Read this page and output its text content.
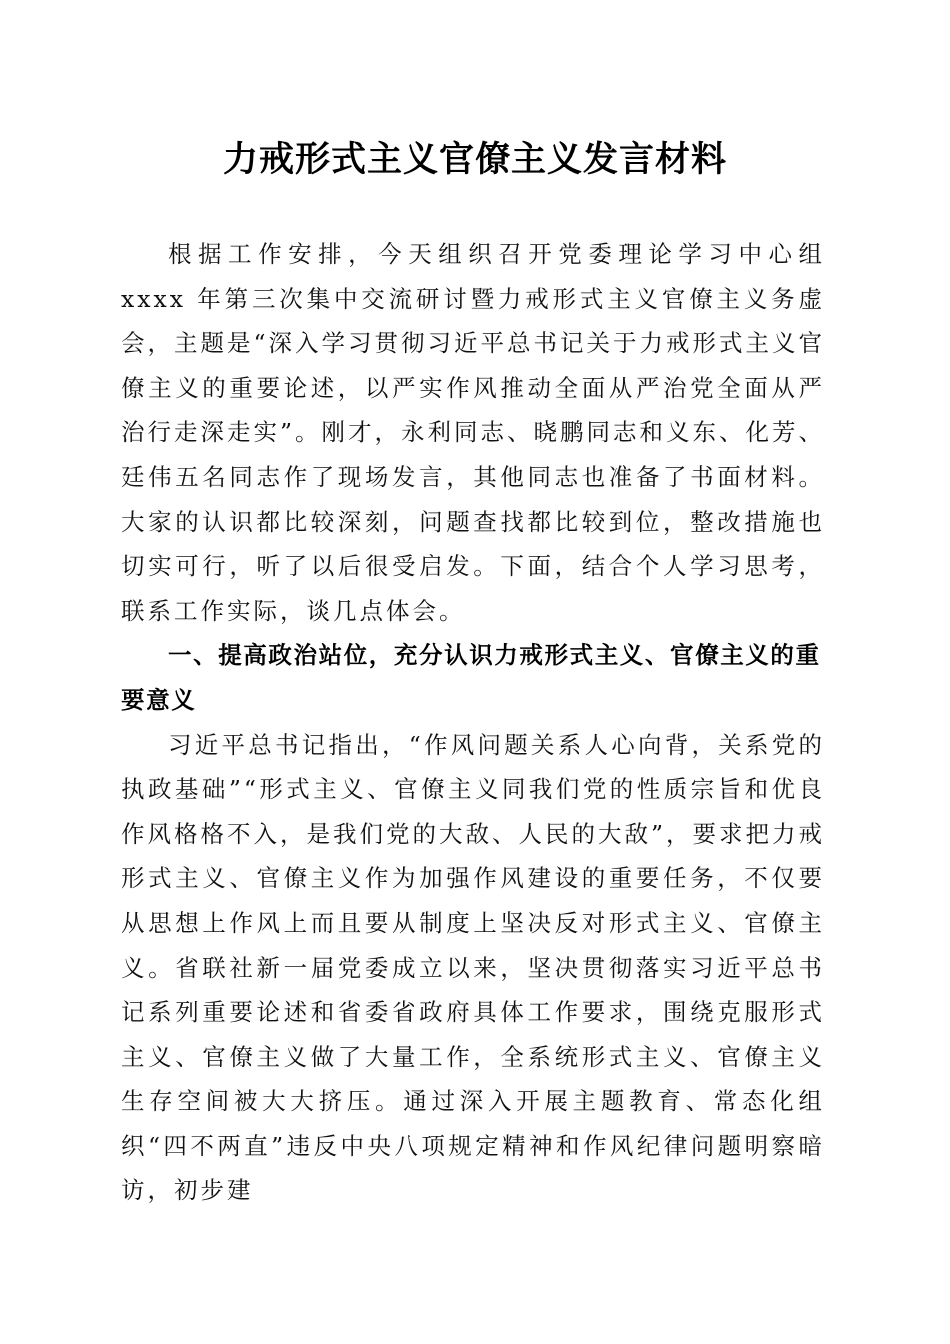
力戒形式主义官僚主义发言材料

根据工作安排，今天组织召开党委理论学习中心组 xxxx 年第三次集中交流研讨暨力戒形式主义官僚主义务虚会，主题是“深入学习贯彻习近平总书记关于力戒形式主义官僚主义的重要论述，以严实作风推动全面从严治党全面从严治行走深走实”。刚才，永利同志、晓鹏同志和义东、化芳、廷伟五名同志作了现场发言，其他同志也准备了书面材料。大家的认识都比较深刻，问题查找都比较到位，整改措施也切实可行，听了以后很受启发。下面，结合个人学习思考，联系工作实际，谈几点体会。

一、提高政治站位，充分认识力戒形式主义、官僚主义的重要意义

习近平总书记指出，“作风问题关系人心向背，关系党的执政基础”“形式主义、官僚主义同我们党的性质宗旨和优良作风格格不入，是我们党的大敌、人民的大敌”，要求把力戒形式主义、官僚主义作为加强作风建设的重要任务，不仅要从思想上作风上而且要从制度上坚决反对形式主义、官僚主义。省联社新一届党委成立以来，坚决贯彻落实习近平总书记系列重要论述和省委省政府具体工作要求，围绕克服形式主义、官僚主义做了大量工作，全系统形式主义、官僚主义生存空间被大大挤压。通过深入开展主题教育、常态化组织“四不两直”违反中央八项规定精神和作风纪律问题明察暗访，初步建
